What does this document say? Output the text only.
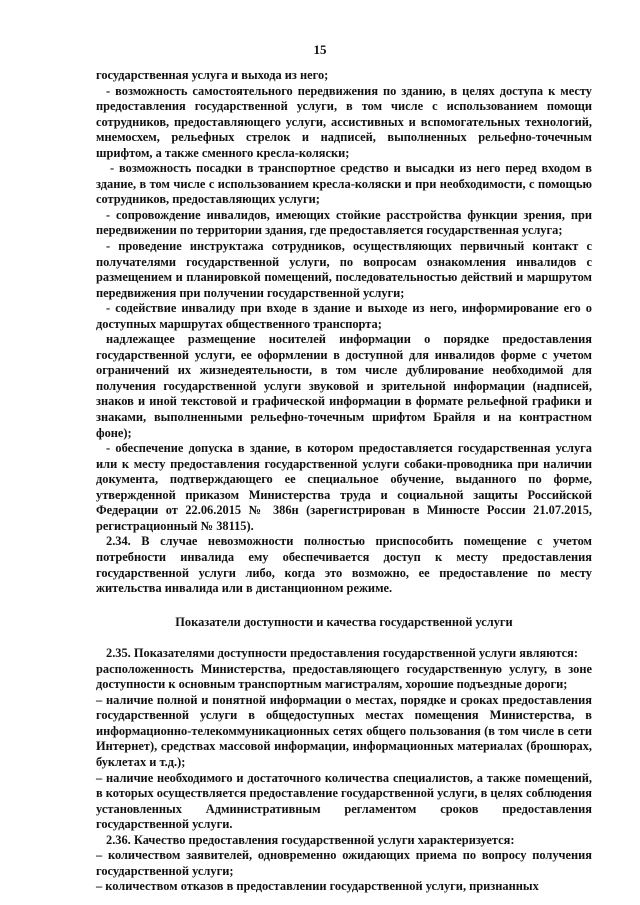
15

государственная услуга и выхода из него;

- возможность самостоятельного передвижения по зданию, в целях доступа к месту предоставления государственной услуги, в том числе с использованием помощи сотрудников, предоставляющего услуги, ассистивных и вспомогательных технологий, мнемосхем, рельефных стрелок и надписей, выполненных рельефно-точечным шрифтом, а также сменного кресла-коляски;

- возможность посадки в транспортное средство и высадки из него перед входом в здание, в том числе с использованием кресла-коляски и при необходимости, с помощью сотрудников, предоставляющих услуги;

- сопровождение инвалидов, имеющих стойкие расстройства функции зрения, при передвижении по территории здания, где предоставляется государственная услуга;

- проведение инструктажа сотрудников, осуществляющих первичный контакт с получателями государственной услуги, по вопросам ознакомления инвалидов с размещением и планировкой помещений, последовательностью действий и маршрутом передвижения при получении государственной услуги;

- содействие инвалиду при входе в здание и выходе из него, информирование его о доступных маршрутах общественного транспорта;

надлежащее размещение носителей информации о порядке предоставления государственной услуги, ее оформлении в доступной для инвалидов форме с учетом ограничений их жизнедеятельности, в том числе дублирование необходимой для получения государственной услуги звуковой и зрительной информации (надписей, знаков и иной текстовой и графической информации в формате рельефной графики и знаками, выполненными рельефно-точечным шрифтом Брайля и на контрастном фоне);

- обеспечение допуска в здание, в котором предоставляется государственная услуга или к месту предоставления государственной услуги собаки-проводника при наличии документа, подтверждающего ее специальное обучение, выданного по форме, утвержденной приказом Министерства труда и социальной защиты Российской Федерации от 22.06.2015 № 386н (зарегистрирован в Минюсте России 21.07.2015, регистрационный № 38115).

2.34. В случае невозможности полностью приспособить помещение с учетом потребности инвалида ему обеспечивается доступ к месту предоставления государственной услуги либо, когда это возможно, ее предоставление по месту жительства инвалида или в дистанционном режиме.

Показатели доступности и качества государственной услуги

2.35. Показателями доступности предоставления государственной услуги являются:

расположенность Министерства, предоставляющего государственную услугу, в зоне доступности к основным транспортным магистралям, хорошие подъездные дороги;

– наличие полной и понятной информации о местах, порядке и сроках предоставления государственной услуги в общедоступных местах помещения Министерства, в информационно-телекоммуникационных сетях общего пользования (в том числе в сети Интернет), средствах массовой информации, информационных материалах (брошюрах, буклетах и т.д.);

– наличие необходимого и достаточного количества специалистов, а также помещений, в которых осуществляется предоставление государственной услуги, в целях соблюдения установленных Административным регламентом сроков предоставления государственной услуги.

2.36. Качество предоставления государственной услуги характеризуется:

– количеством заявителей, одновременно ожидающих приема по вопросу получения государственной услуги;

– количеством отказов в предоставлении государственной услуги, признанных
